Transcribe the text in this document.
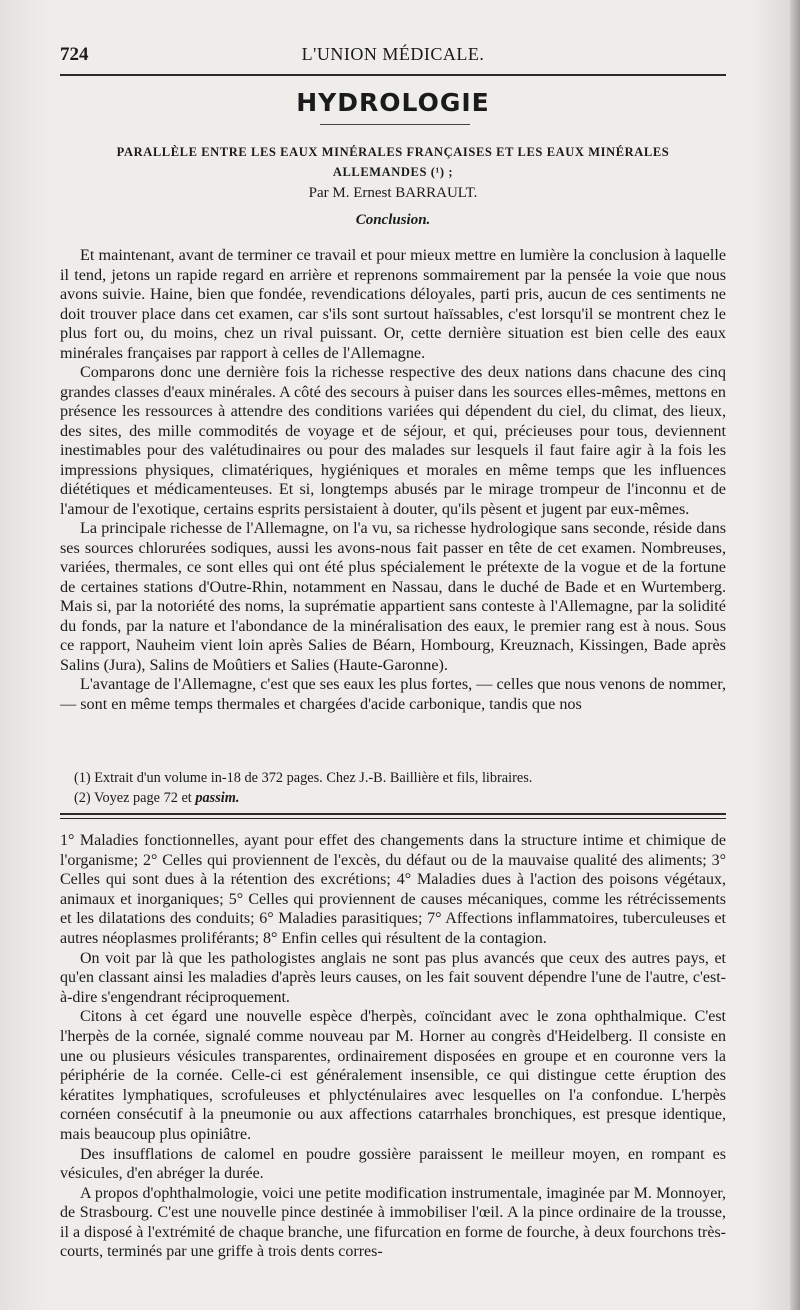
724	L'UNION MÉDICALE.
HYDROLOGIE
PARALLÈLE ENTRE LES EAUX MINÉRALES FRANÇAISES ET LES EAUX MINÉRALES
ALLEMANDES (¹) ;
Par M. Ernest BARRAULT.
Conclusion.

Et maintenant, avant de terminer ce travail et pour mieux mettre en lumière la conclusion à laquelle il tend, jetons un rapide regard en arrière et reprenons sommairement par la pensée la voie que nous avons suivie. Haine, bien que fondée, revendications déloyales, parti pris, aucun de ces sentiments ne doit trouver place dans cet examen, car s'ils sont surtout haïssables, c'est lorsqu'il se montrent chez le plus fort ou, du moins, chez un rival puissant. Or, cette dernière situation est bien celle des eaux minérales françaises par rapport à celles de l'Allemagne.

Comparons donc une dernière fois la richesse respective des deux nations dans chacune des cinq grandes classes d'eaux minérales. A côté des secours à puiser dans les sources elles-mêmes, mettons en présence les ressources à attendre des conditions variées qui dépendent du ciel, du climat, des lieux, des sites, des mille commodités de voyage et de séjour, et qui, précieuses pour tous, deviennent inestimables pour des valétudinaires ou pour des malades sur lesquels il faut faire agir à la fois les impressions physiques, climatériques, hygiéniques et morales en même temps que les influences diététiques et médicamenteuses. Et si, longtemps abusés par le mirage trompeur de l'inconnu et de l'amour de l'exotique, certains esprits persistaient à douter, qu'ils pèsent et jugent par eux-mêmes.

La principale richesse de l'Allemagne, on l'a vu, sa richesse hydrologique sans seconde, réside dans ses sources chlorurées sodiques, aussi les avons-nous fait passer en tête de cet examen. Nombreuses, variées, thermales, ce sont elles qui ont été plus spécialement le prétexte de la vogue et de la fortune de certaines stations d'Outre-Rhin, notamment en Nassau, dans le duché de Bade et en Wurtemberg. Mais si, par la notoriété des noms, la suprématie appartient sans conteste à l'Allemagne, par la solidité du fonds, par la nature et l'abondance de la minéralisation des eaux, le premier rang est à nous. Sous ce rapport, Nauheim vient loin après Salies de Béarn, Hombourg, Kreuznach, Kissingen, Bade après Salins (Jura), Salins de Moûtiers et Salies (Haute-Garonne).

L'avantage de l'Allemagne, c'est que ses eaux les plus fortes, — celles que nous venons de nommer, — sont en même temps thermales et chargées d'acide carbonique, tandis que nos

(1) Extrait d'un volume in-18 de 372 pages. Chez J.-B. Baillière et fils, libraires.
(2) Voyez page 72 et passim.

1° Maladies fonctionnelles, ayant pour effet des changements dans la structure intime et chimique de l'organisme; 2° Celles qui proviennent de l'excès, du défaut ou de la mauvaise qualité des aliments; 3° Celles qui sont dues à la rétention des excrétions; 4° Maladies dues à l'action des poisons végétaux, animaux et inorganiques; 5° Celles qui proviennent de causes mécaniques, comme les rétrécissements et les dilatations des conduits; 6° Maladies parasitiques; 7° Affections inflammatoires, tuberculeuses et autres néoplasmes proliférants; 8° Enfin celles qui résultent de la contagion.

On voit par là que les pathologistes anglais ne sont pas plus avancés que ceux des autres pays, et qu'en classant ainsi les maladies d'après leurs causes, on les fait souvent dépendre l'une de l'autre, c'est-à-dire s'engendrant réciproquement.

Citons à cet égard une nouvelle espèce d'herpès, coïncidant avec le zona ophthalmique. C'est l'herpès de la cornée, signalé comme nouveau par M. Horner au congrès d'Heidelberg. Il consiste en une ou plusieurs vésicules transparentes, ordinairement disposées en groupe et en couronne vers la périphérie de la cornée. Celle-ci est généralement insensible, ce qui distingue cette éruption des kératites lymphatiques, scrofuleuses et phlycténulaires avec lesquelles on l'a confondue. L'herpès cornéen consécutif à la pneumonie ou aux affections catarrhales bronchiques, est presque identique, mais beaucoup plus opiniâtre.

Des insufflations de calomel en poudre gossière paraissent le meilleur moyen, en rompant es vésicules, d'en abréger la durée.

A propos d'ophthalmologie, voici une petite modification instrumentale, imaginée par M. Monnoyer, de Strasbourg. C'est une nouvelle pince destinée à immobiliser l'œil. A la pince ordinaire de la trousse, il a disposé à l'extrémité de chaque branche, une fifurcation en forme de fourche, à deux fourchons très-courts, terminés par une griffe à trois dents corres-
